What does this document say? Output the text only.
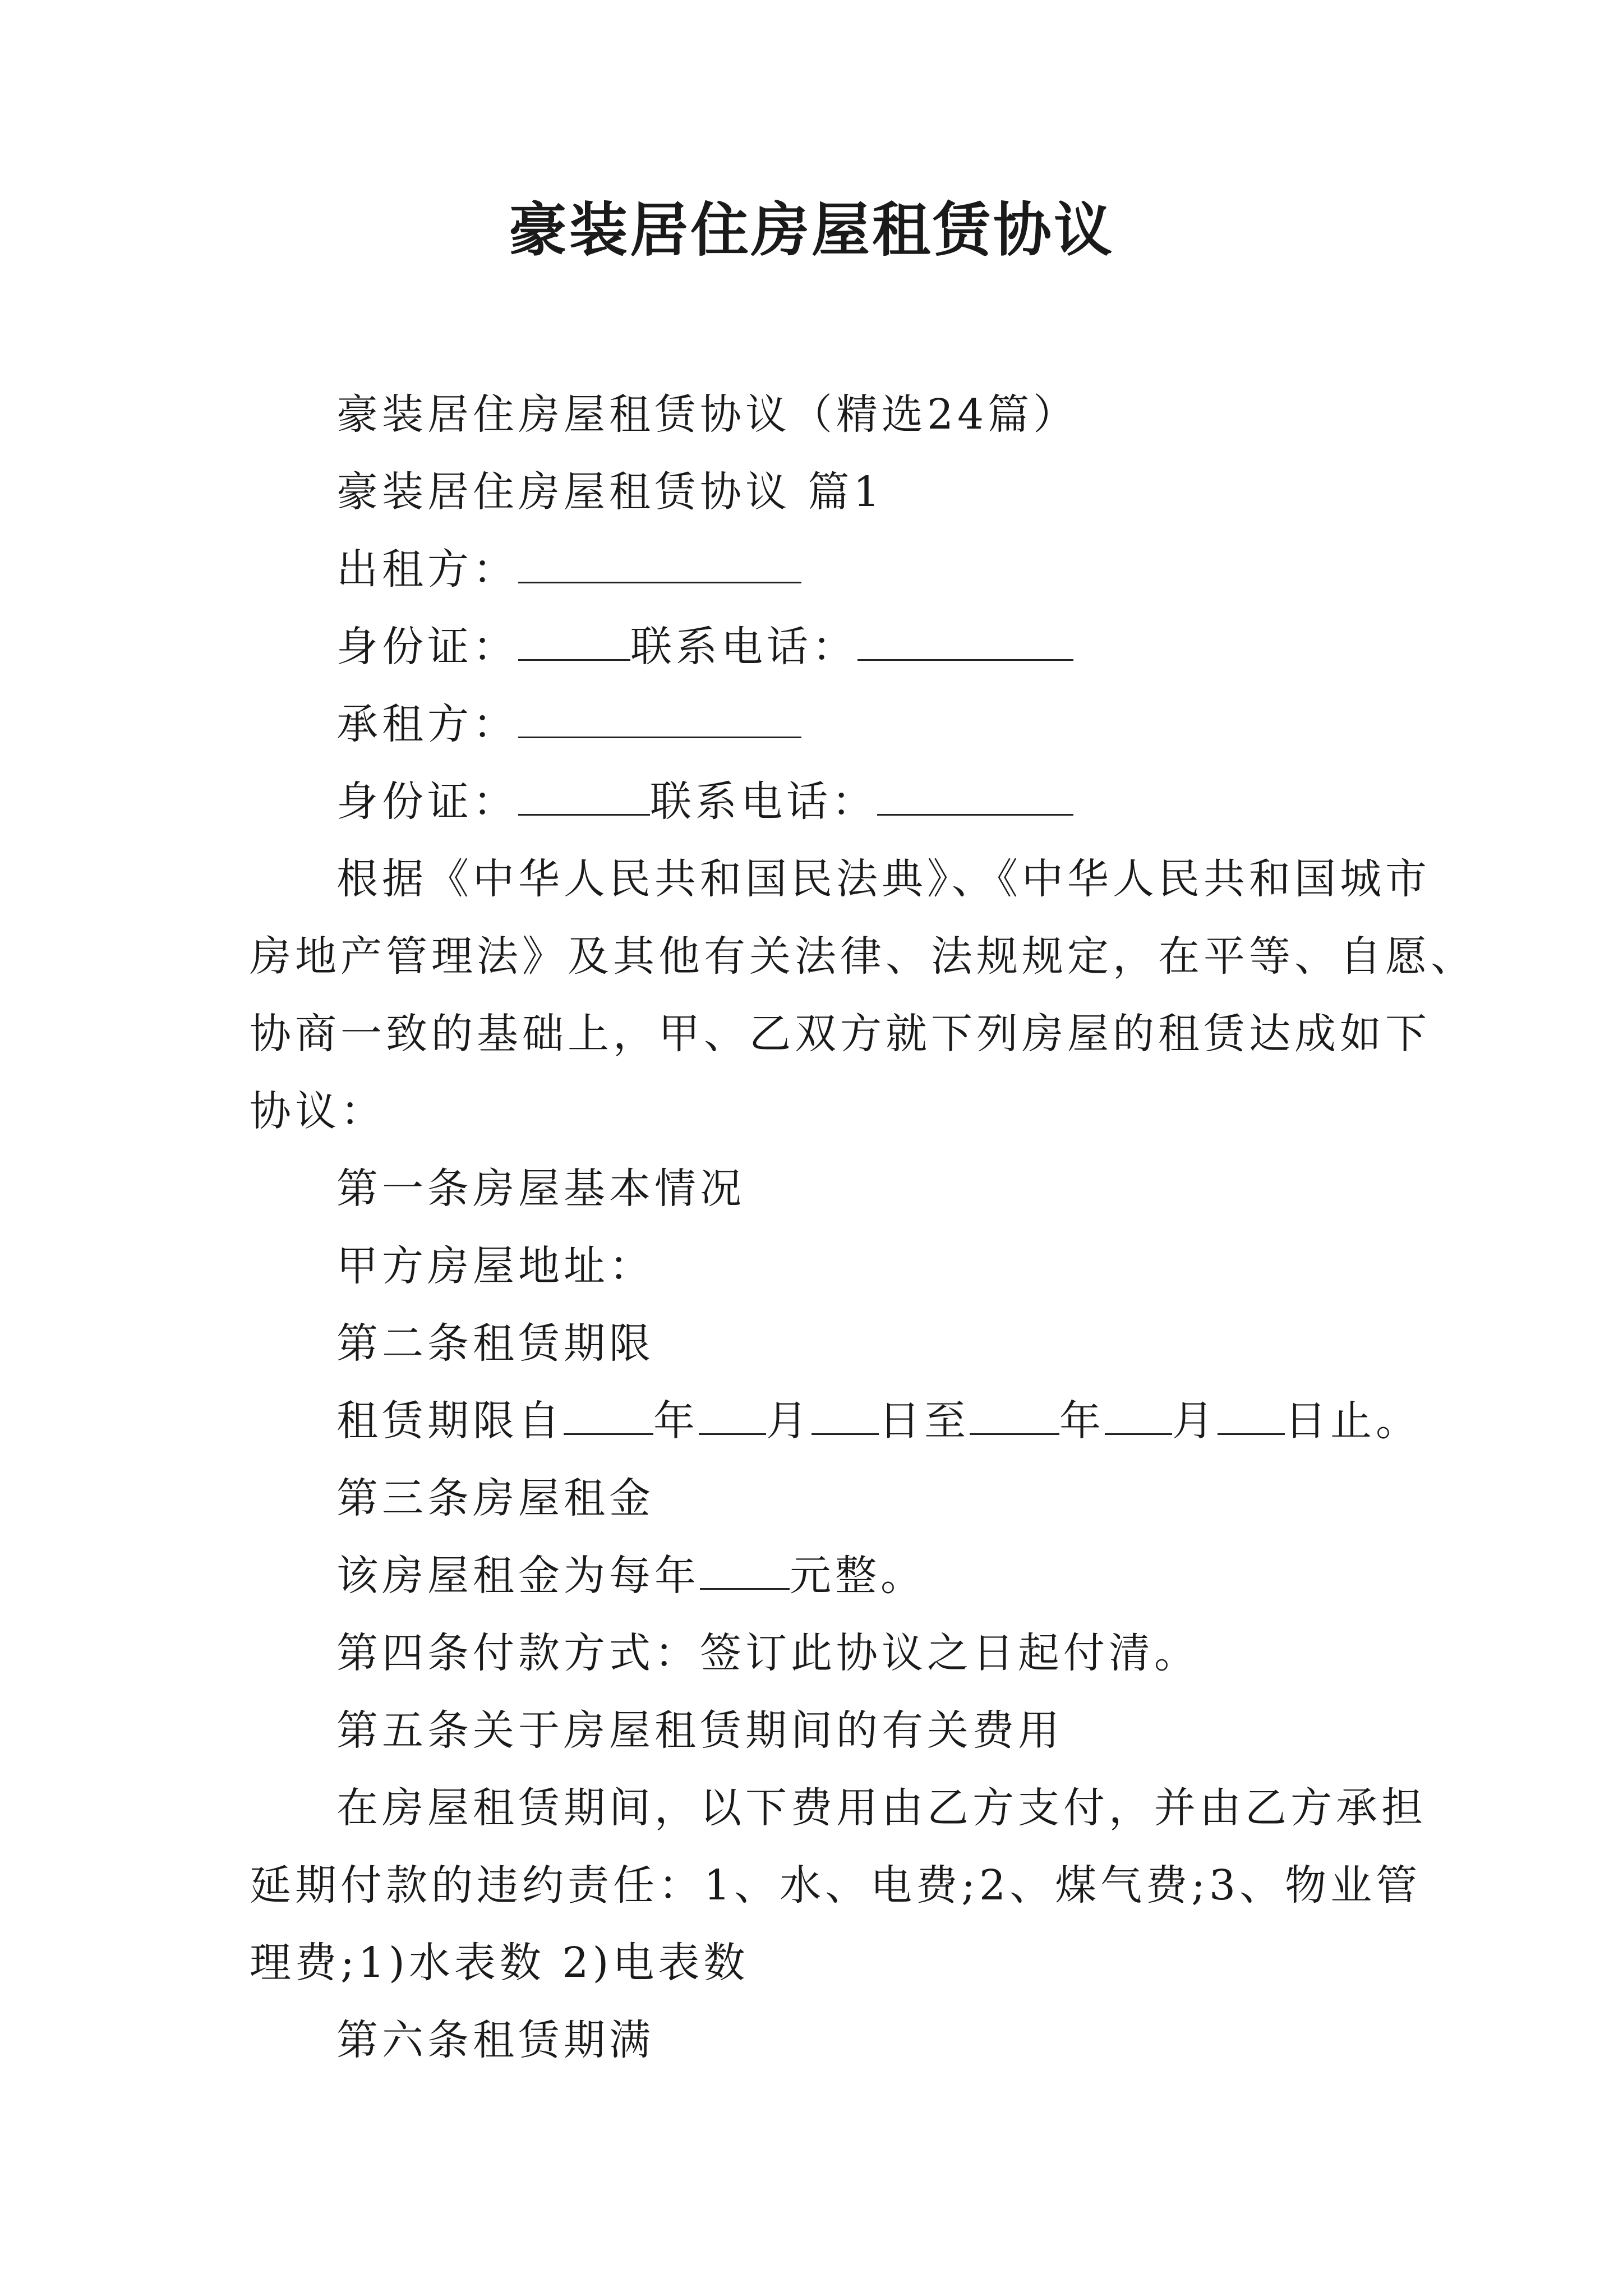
豪装居住房屋租赁协议

豪装居住房屋租赁协议（精选24篇）

豪装居住房屋租赁协议 篇1

出租方：

身份证：	联系电话：

承租方：

身份证：	联系电话：

根据《中华人民共和国民法典》、《中华人民共和国城市

房地产管理法》及其他有关法律、法规规定，在平等、自愿、

协商一致的基础上，甲、乙双方就下列房屋的租赁达成如下

协议：

第一条房屋基本情况

甲方房屋地址：

第二条租赁期限

租赁期限自 年 月 日至 年 月 日止。

第三条房屋租金

该房屋租金为每年 元整。

第四条付款方式：签订此协议之日起付清。

第五条关于房屋租赁期间的有关费用

在房屋租赁期间，以下费用由乙方支付，并由乙方承担

延期付款的违约责任：1、水、电费;2、煤气费;3、物业管

理费;1)水表数 2)电表数

第六条租赁期满
